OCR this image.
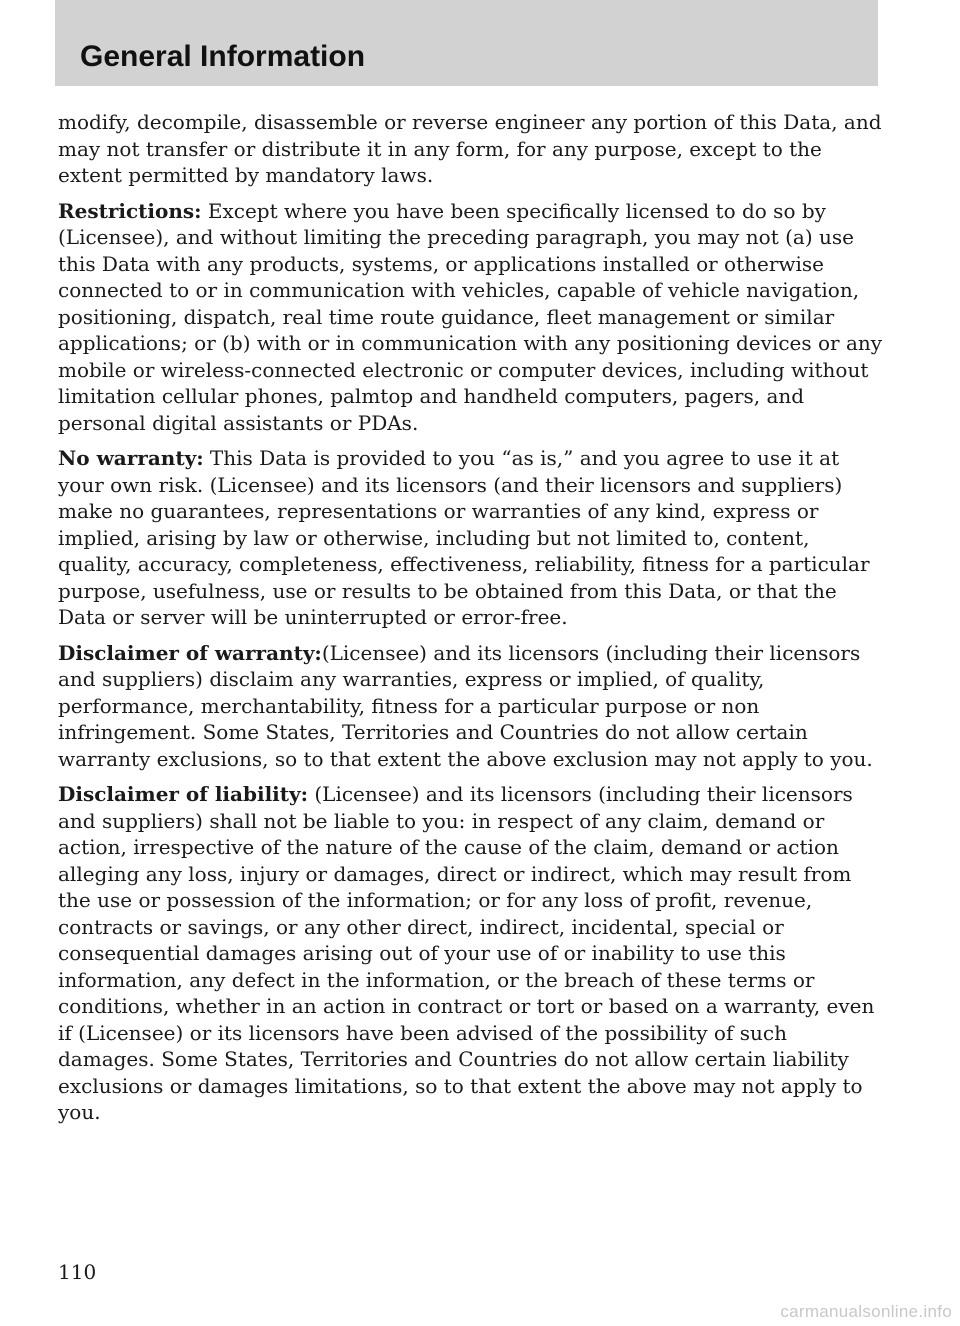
General Information

modify, decompile, disassemble or reverse engineer any portion of this Data, and may not transfer or distribute it in any form, for any purpose, except to the extent permitted by mandatory laws.

Restrictions: Except where you have been specifically licensed to do so by (Licensee), and without limiting the preceding paragraph, you may not (a) use this Data with any products, systems, or applications installed or otherwise connected to or in communication with vehicles, capable of vehicle navigation, positioning, dispatch, real time route guidance, fleet management or similar applications; or (b) with or in communication with any positioning devices or any mobile or wireless-connected electronic or computer devices, including without limitation cellular phones, palmtop and handheld computers, pagers, and personal digital assistants or PDAs.

No warranty: This Data is provided to you “as is,” and you agree to use it at your own risk. (Licensee) and its licensors (and their licensors and suppliers) make no guarantees, representations or warranties of any kind, express or implied, arising by law or otherwise, including but not limited to, content, quality, accuracy, completeness, effectiveness, reliability, fitness for a particular purpose, usefulness, use or results to be obtained from this Data, or that the Data or server will be uninterrupted or error-free.

Disclaimer of warranty:(Licensee) and its licensors (including their licensors and suppliers) disclaim any warranties, express or implied, of quality, performance, merchantability, fitness for a particular purpose or non infringement. Some States, Territories and Countries do not allow certain warranty exclusions, so to that extent the above exclusion may not apply to you.

Disclaimer of liability: (Licensee) and its licensors (including their licensors and suppliers) shall not be liable to you: in respect of any claim, demand or action, irrespective of the nature of the cause of the claim, demand or action alleging any loss, injury or damages, direct or indirect, which may result from the use or possession of the information; or for any loss of profit, revenue, contracts or savings, or any other direct, indirect, incidental, special or consequential damages arising out of your use of or inability to use this information, any defect in the information, or the breach of these terms or conditions, whether in an action in contract or tort or based on a warranty, even if (Licensee) or its licensors have been advised of the possibility of such damages. Some States, Territories and Countries do not allow certain liability exclusions or damages limitations, so to that extent the above may not apply to you.

110
carmanualsonline.info
